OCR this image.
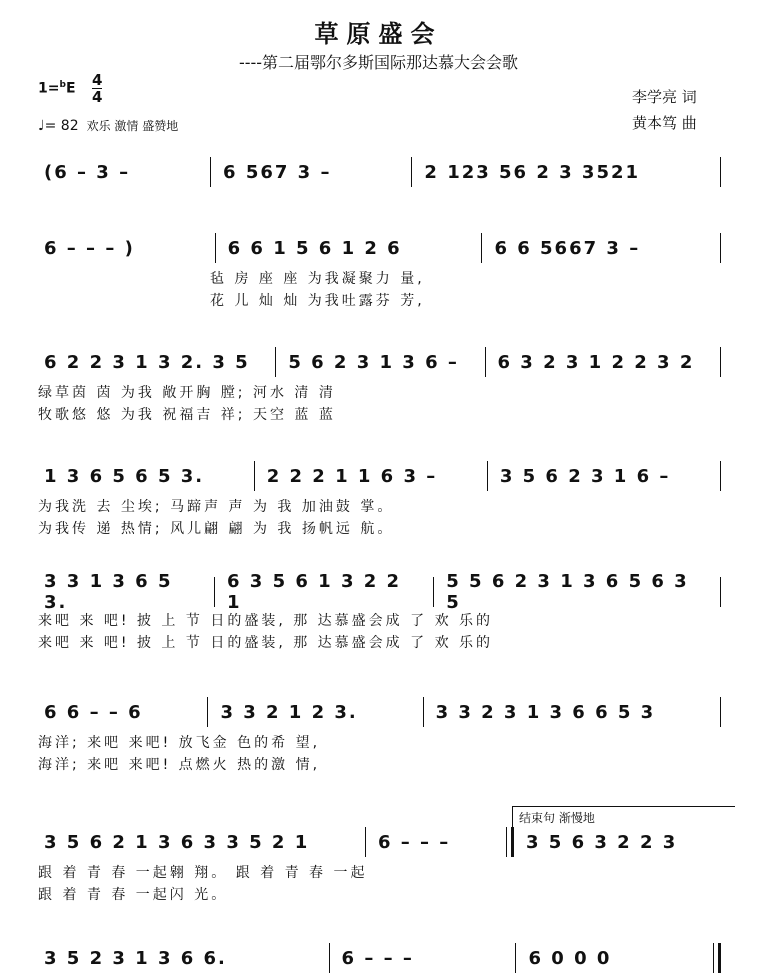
草原盛会
----第二届鄂尔多斯国际那达慕大会会歌
$1=^bE \frac{4}{4}$
♩= 82 欢乐 激情 盛赞地
李学亮 词
黄本笃 曲
(6 – 3 –	6 567 3 –	2 123 56 2 3 3521
6 – – – )	6 6 1 5 6 1 2 6	6 6 5667 3 –
毡 房 座 座 为我凝聚力 量,
花 儿 灿 灿 为我吐露芬 芳,
6 2 2 3 1 3 2. 3 5	5 6 2 3 1 3 6 –	6 3 2 3 1 2 2 3 2
绿草茵 茵 为我 敞开胸 膛; 河水 清 清
牧歌悠 悠 为我 祝福吉 祥; 天空 蓝 蓝
1 3 6 5 6 5 3.	2 2 2 1 1 6 3 –	3 5 6 2 3 1 6 –
为我洗 去 尘埃; 马蹄声 声 为 我 加油鼓 掌。
为我传 递 热情; 风儿翩 翩 为 我 扬帆远 航。
3 3 1 3 6 5 3.
6 3 5 6 1 3 2 2 1
5 5 6 2 3 1 3 6 5 6 3 5
来吧 来 吧! 披 上 节 日的盛装, 那 达慕盛会成 了 欢 乐的
来吧 来 吧! 披 上 节 日的盛装, 那 达慕盛会成 了 欢 乐的
6 6 – – 6	3 3 2 1 2 3.	3 3 2 3 1 3 6 6 5 3
海洋; 来吧 来吧! 放飞金 色的希 望,
海洋; 来吧 来吧! 点燃火 热的激 情,
结束句 渐慢地
3 5 6 2 1 3 6 3 3 5 2 1	6 – – –	3 5 6 3 2 2 3
跟 着 青 春 一起翱 翔。 跟 着 青 春 一起
跟 着 青 春 一起闪 光。
3 5 2 3 1 3 6 6.	6 – – –	6 0 0 0
